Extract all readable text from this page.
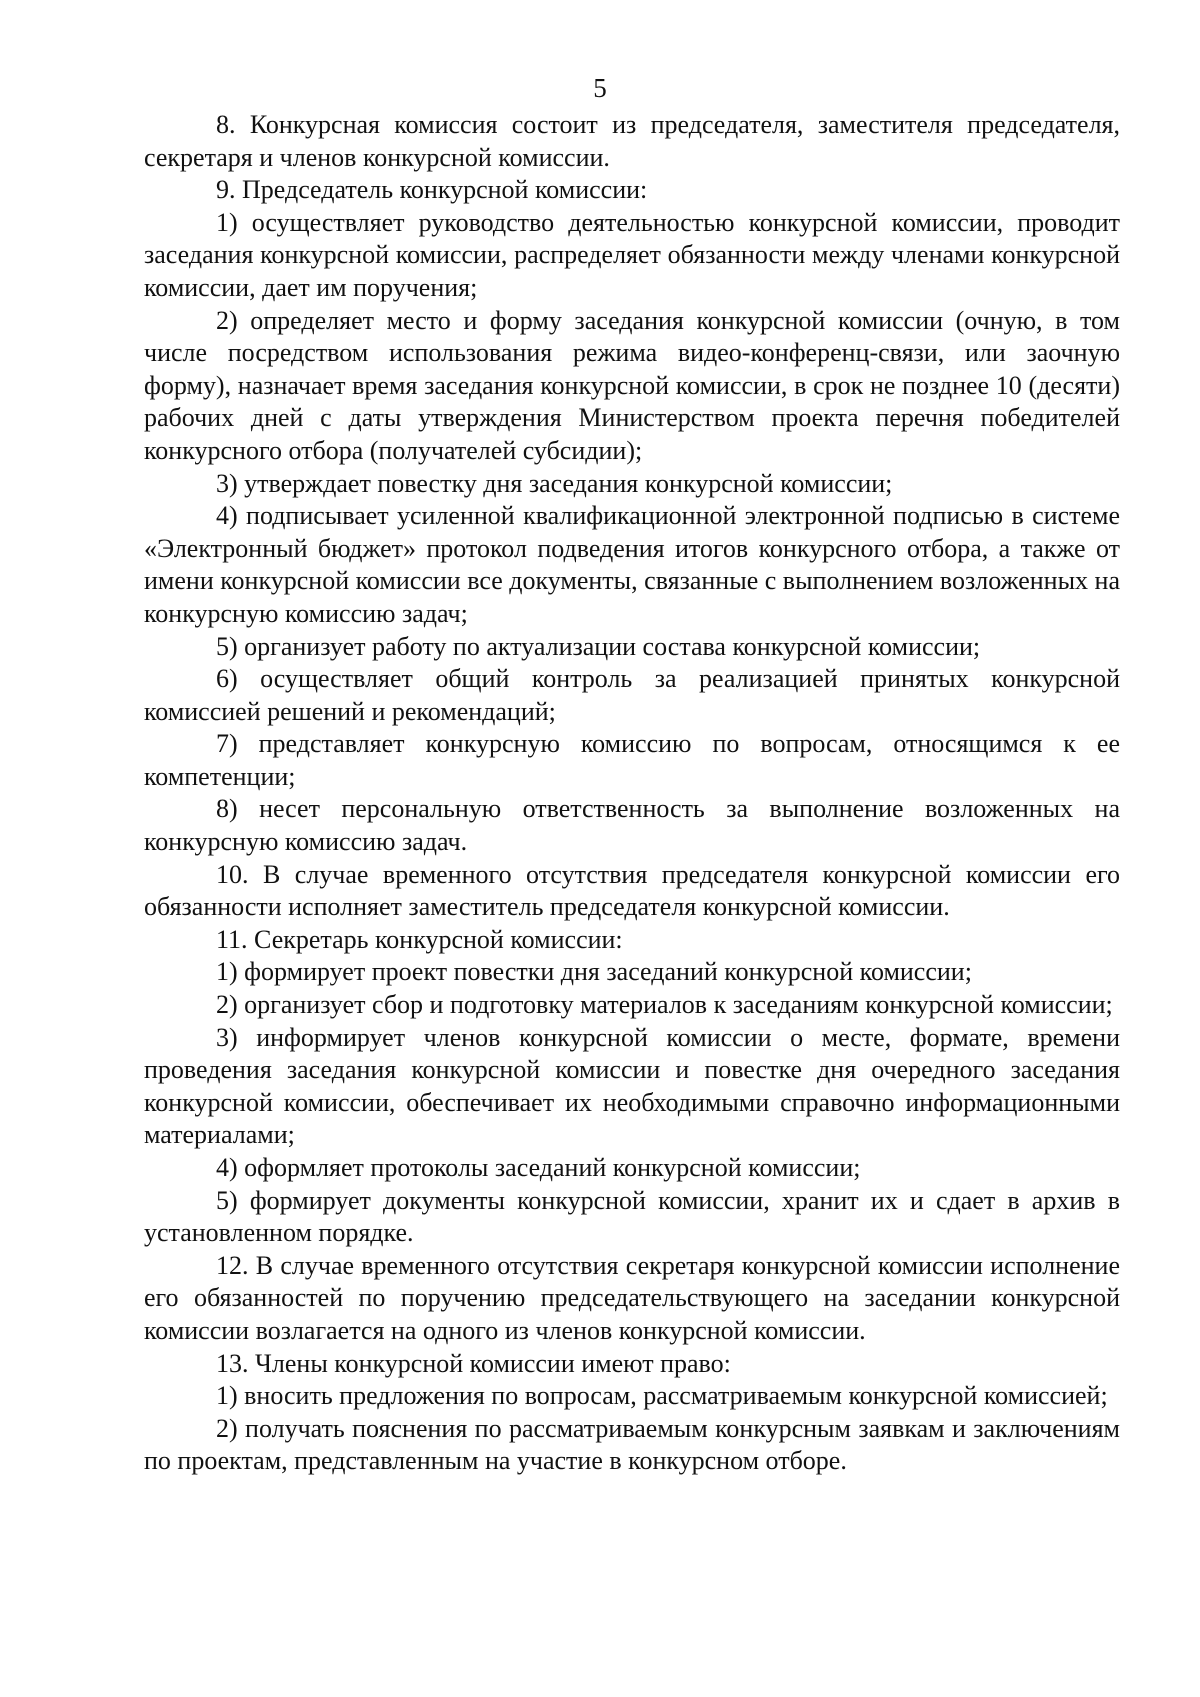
5

8. Конкурсная комиссия состоит из председателя, заместителя председателя, секретаря и членов конкурсной комиссии.

9. Председатель конкурсной комиссии:

1) осуществляет руководство деятельностью конкурсной комиссии, проводит заседания конкурсной комиссии, распределяет обязанности между членами конкурсной комиссии, дает им поручения;

2) определяет место и форму заседания конкурсной комиссии (очную, в том числе посредством использования режима видео-конференц-связи, или заочную форму), назначает время заседания конкурсной комиссии, в срок не позднее 10 (десяти) рабочих дней с даты утверждения Министерством проекта перечня победителей конкурсного отбора (получателей субсидии);

3) утверждает повестку дня заседания конкурсной комиссии;

4) подписывает усиленной квалификационной электронной подписью в системе «Электронный бюджет» протокол подведения итогов конкурсного отбора, а также от имени конкурсной комиссии все документы, связанные с выполнением возложенных на конкурсную комиссию задач;

5) организует работу по актуализации состава конкурсной комиссии;

6) осуществляет общий контроль за реализацией принятых конкурсной комиссией решений и рекомендаций;

7) представляет конкурсную комиссию по вопросам, относящимся к ее компетенции;

8) несет персональную ответственность за выполнение возложенных на конкурсную комиссию задач.

10. В случае временного отсутствия председателя конкурсной комиссии его обязанности исполняет заместитель председателя конкурсной комиссии.

11. Секретарь конкурсной комиссии:

1) формирует проект повестки дня заседаний конкурсной комиссии;

2) организует сбор и подготовку материалов к заседаниям конкурсной комиссии;

3) информирует членов конкурсной комиссии о месте, формате, времени проведения заседания конкурсной комиссии и повестке дня очередного заседания конкурсной комиссии, обеспечивает их необходимыми справочно информационными материалами;

4) оформляет протоколы заседаний конкурсной комиссии;

5) формирует документы конкурсной комиссии, хранит их и сдает в архив в установленном порядке.

12. В случае временного отсутствия секретаря конкурсной комиссии исполнение его обязанностей по поручению председательствующего на заседании конкурсной комиссии возлагается на одного из членов конкурсной комиссии.

13. Члены конкурсной комиссии имеют право:

1) вносить предложения по вопросам, рассматриваемым конкурсной комиссией;

2) получать пояснения по рассматриваемым конкурсным заявкам и заключениям по проектам, представленным на участие в конкурсном отборе.
